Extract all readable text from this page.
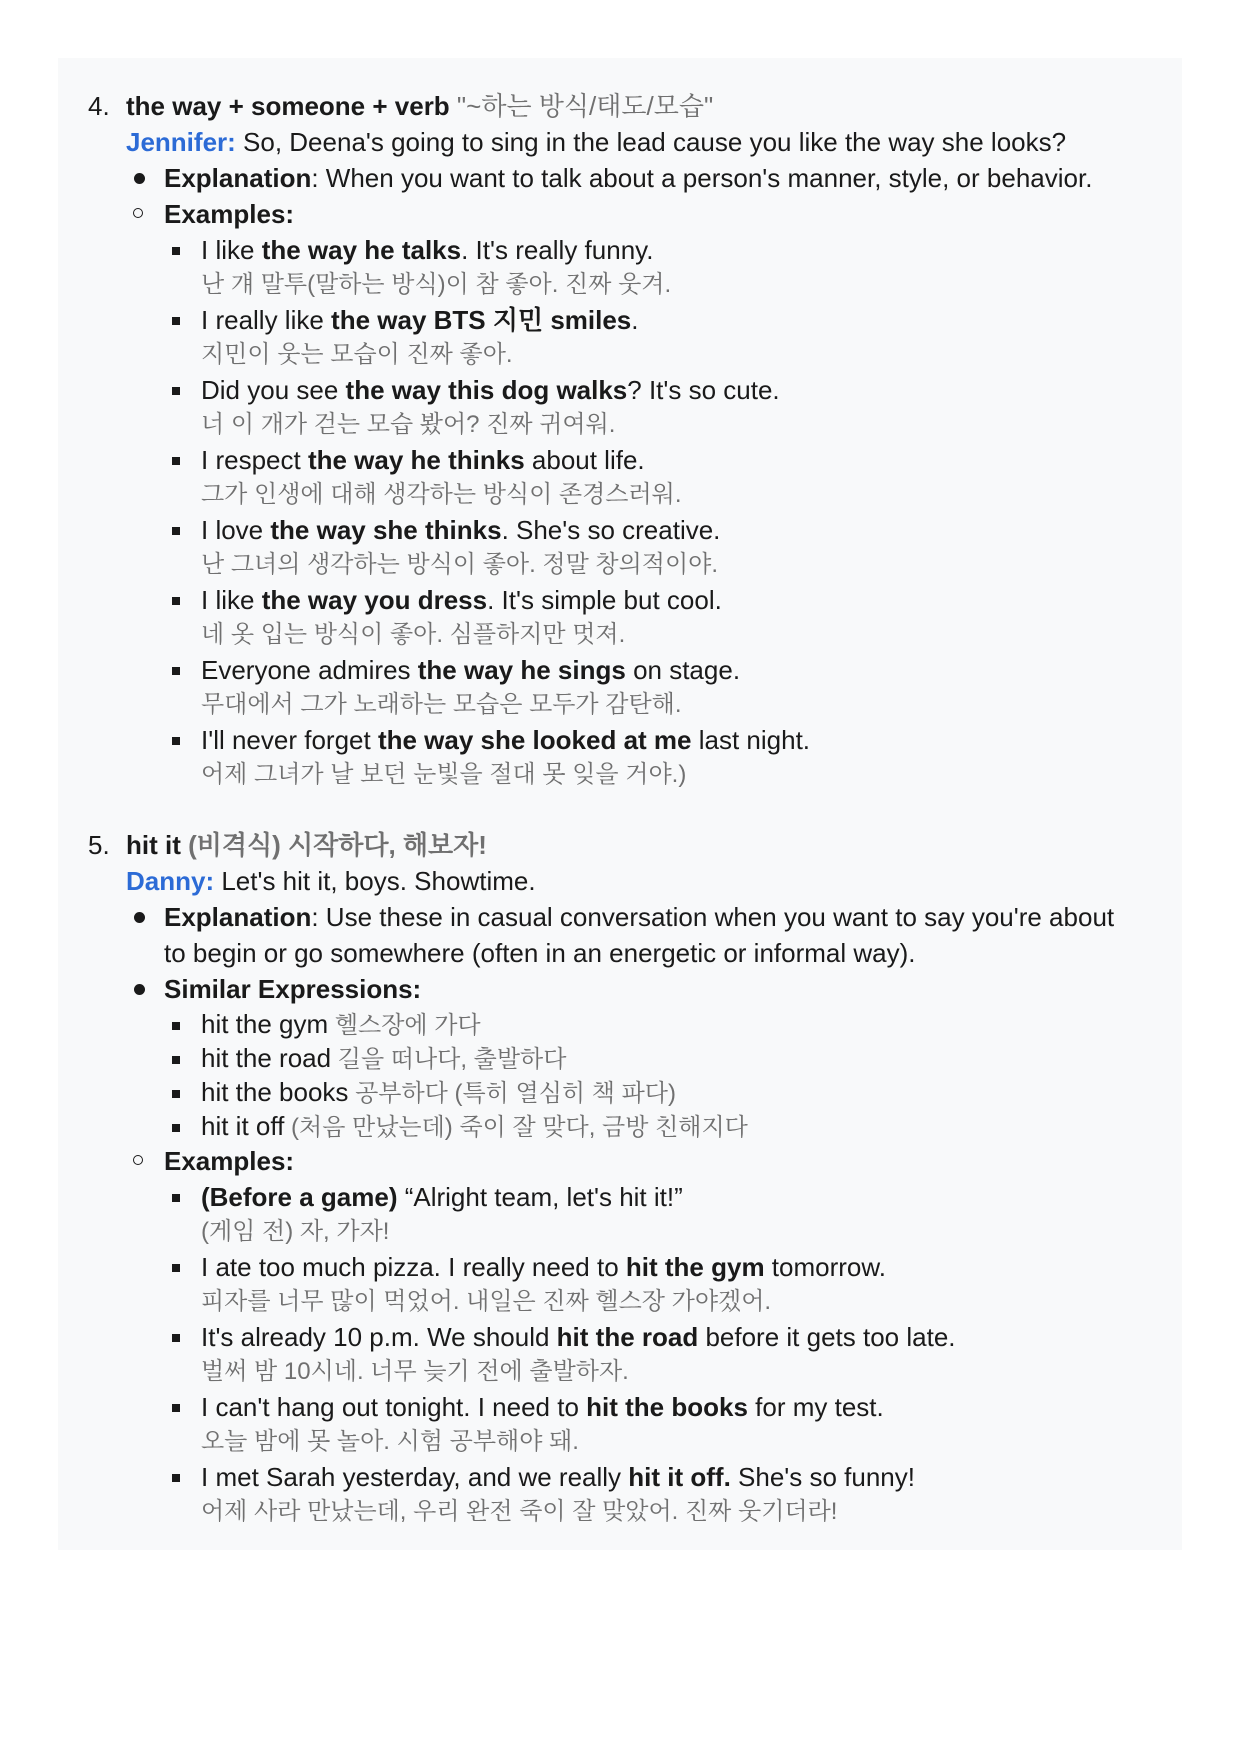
4. the way + someone + verb "~하는 방식/태도/모습"
Jennifer: So, Deena's going to sing in the lead cause you like the way she looks?
Explanation: When you want to talk about a person's manner, style, or behavior.
Examples:
I like the way he talks. It's really funny.
난 걔 말투(말하는 방식)이 참 좋아. 진짜 웃겨.
I really like the way BTS 지민 smiles.
지민이 웃는 모습이 진짜 좋아.
Did you see the way this dog walks? It's so cute.
너 이 개가 걷는 모습 봤어? 진짜 귀여워.
I respect the way he thinks about life.
그가 인생에 대해 생각하는 방식이 존경스러워.
I love the way she thinks. She's so creative.
난 그녀의 생각하는 방식이 좋아. 정말 창의적이야.
I like the way you dress. It's simple but cool.
네 옷 입는 방식이 좋아. 심플하지만 멋져.
Everyone admires the way he sings on stage.
무대에서 그가 노래하는 모습은 모두가 감탄해.
I'll never forget the way she looked at me last night.
어제 그녀가 날 보던 눈빛을 절대 못 잊을 거야.)
5. hit it (비격식) 시작하다, 해보자!
Danny: Let's hit it, boys. Showtime.
Explanation: Use these in casual conversation when you want to say you're about
to begin or go somewhere (often in an energetic or informal way).
Similar Expressions:
hit the gym 헬스장에 가다
hit the road 길을 떠나다, 출발하다
hit the books 공부하다 (특히 열심히 책 파다)
hit it off (처음 만났는데) 죽이 잘 맞다, 금방 친해지다
Examples:
(Before a game) “Alright team, let's hit it!”
(게임 전) 자, 가자!
I ate too much pizza. I really need to hit the gym tomorrow.
피자를 너무 많이 먹었어. 내일은 진짜 헬스장 가야겠어.
It's already 10 p.m. We should hit the road before it gets too late.
벌써 밤 10시네. 너무 늦기 전에 출발하자.
I can't hang out tonight. I need to hit the books for my test.
오늘 밤에 못 놀아. 시험 공부해야 돼.
I met Sarah yesterday, and we really hit it off. She's so funny!
어제 사라 만났는데, 우리 완전 죽이 잘 맞았어. 진짜 웃기더라!
